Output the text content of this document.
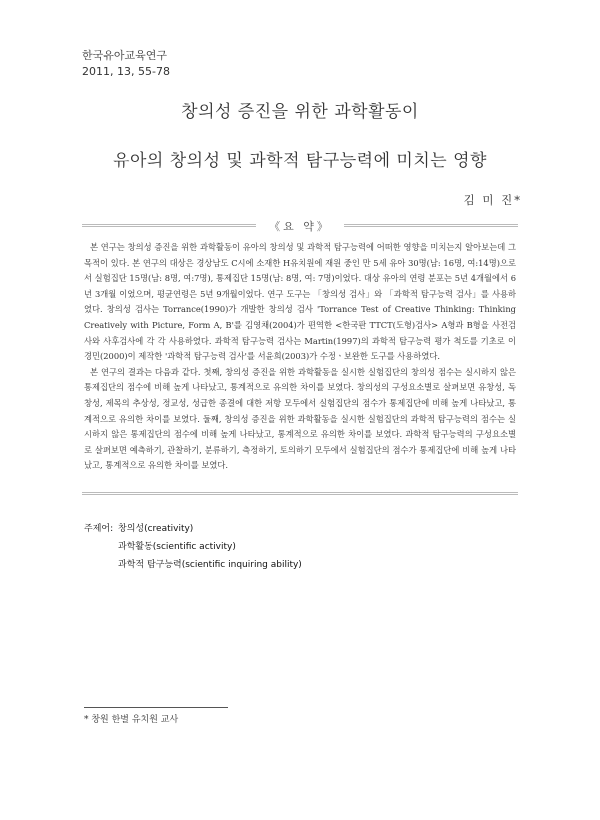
한국유아교육연구
2011, 13, 55-78
창의성 증진을 위한 과학활동이
유아의 창의성 및 과학적 탐구능력에 미치는 영향
김 미 진*
《요 약》

본 연구는 창의성 증진을 위한 과학활동이 유아의 창의성 및 과학적 탐구능력에 어떠한 영향을 미치는지 알아보는데 그 목적이 있다. 본 연구의 대상은 경상남도 C시에 소재한 H유치원에 재원 중인 만 5세 유아 30명(남: 16명, 여:14명)으로서 실험집단 15명(남: 8명, 여:7명), 통제집단 15명(남: 8명, 여: 7명)이었다. 대상 유아의 연령 분포는 5년 4개월에서 6년 3개월 이었으며, 평균연령은 5년 9개월이었다. 연구 도구는 「창의성 검사」와 「과학적 탐구능력 검사」를 사용하였다. 창의성 검사는 Torrance(1990)가 개발한 창의성 검사 'Torrance Test of Creative Thinking: Thinking Creatively with Picture, Form A, B'를 김영채(2004)가 편역한 <한국판 TTCT(도형)검사> A형과 B형을 사전검사와 사후검사에 각 각 사용하였다. 과학적 탐구능력 검사는 Martin(1997)의 과학적 탐구능력 평가 척도를 기초로 이경민(2000)이 제작한 '과학적 탐구능력 검사'를 서윤희(2003)가 수정ㆍ보완한 도구를 사용하였다.

본 연구의 결과는 다음과 같다. 첫째, 창의성 증진을 위한 과학활동을 실시한 실험집단의 창의성 점수는 실시하지 않은 통제집단의 점수에 비해 높게 나타났고, 통계적으로 유의한 차이를 보였다. 창의성의 구성요소별로 살펴보면 유창성, 독창성, 제목의 추상성, 정교성, 성급한 종결에 대한 저항 모두에서 실험집단의 점수가 통제집단에 비해 높게 나타났고, 통계적으로 유의한 차이를 보였다. 둘째, 창의성 증진을 위한 과학활동을 실시한 실험집단의 과학적 탐구능력의 점수는 실시하지 않은 통제집단의 점수에 비해 높게 나타났고, 통계적으로 유의한 차이를 보였다. 과학적 탐구능력의 구성요소별로 살펴보면 예측하기, 관찰하기, 분류하기, 측정하기, 토의하기 모두에서 실험집단의 점수가 통제집단에 비해 높게 나타났고, 통계적으로 유의한 차이를 보였다.

주제어: 창의성(creativity)
과학활동(scientific activity)
과학적 탐구능력(scientific inquiring ability)
* 창원 한별 유치원 교사
